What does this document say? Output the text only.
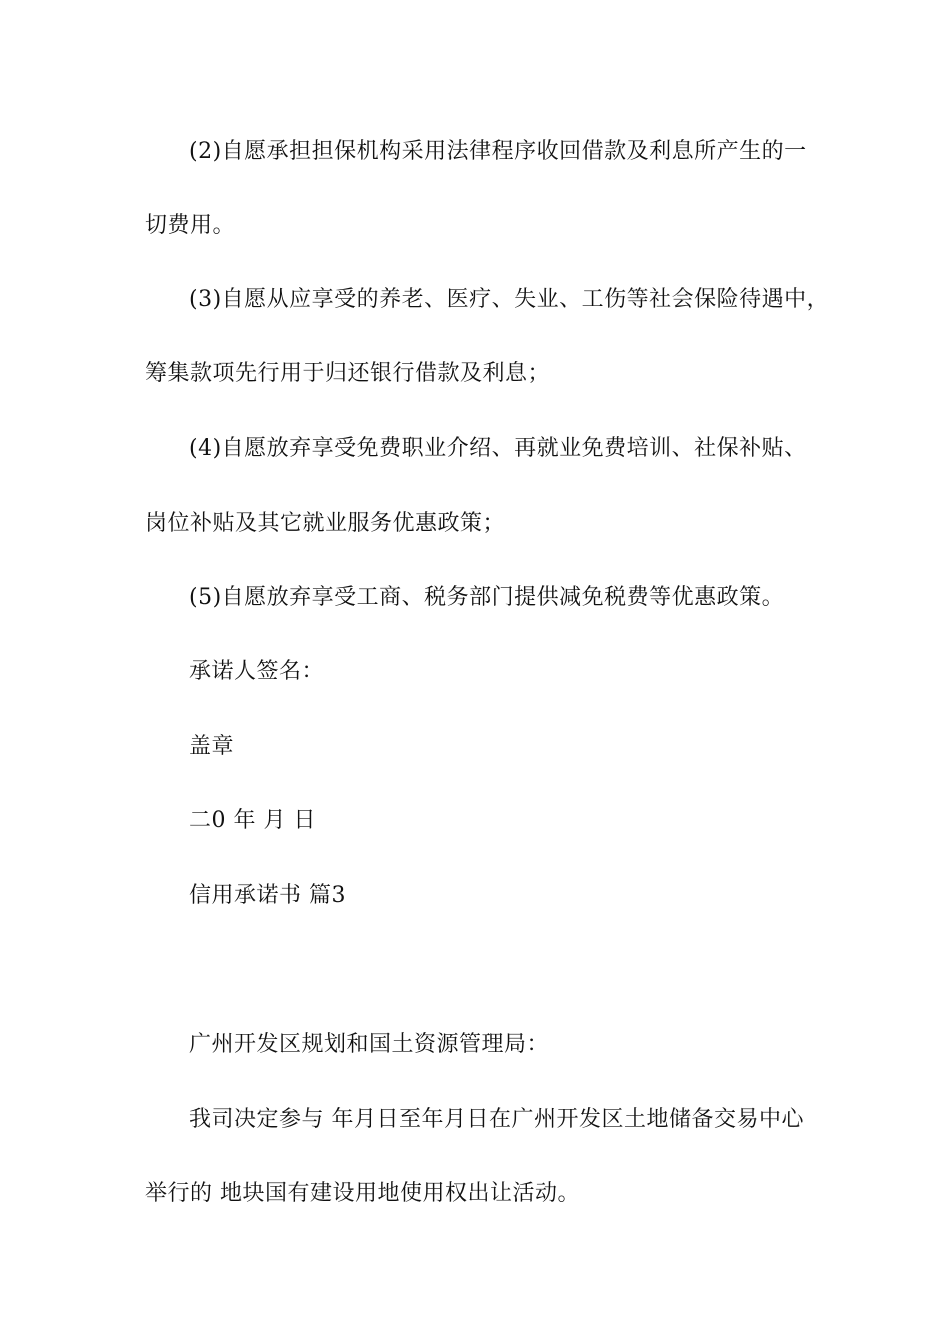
(2)自愿承担担保机构采用法律程序收回借款及利息所产生的一
切费用。
(3)自愿从应享受的养老、医疗、失业、工伤等社会保险待遇中，
筹集款项先行用于归还银行借款及利息；
(4)自愿放弃享受免费职业介绍、再就业免费培训、社保补贴、
岗位补贴及其它就业服务优惠政策；
(5)自愿放弃享受工商、税务部门提供减免税费等优惠政策。
承诺人签名：
盖章
二0 年 月 日
信用承诺书 篇3
广州开发区规划和国土资源管理局：
我司决定参与 年月日至年月日在广州开发区土地储备交易中心
举行的 地块国有建设用地使用权出让活动。
